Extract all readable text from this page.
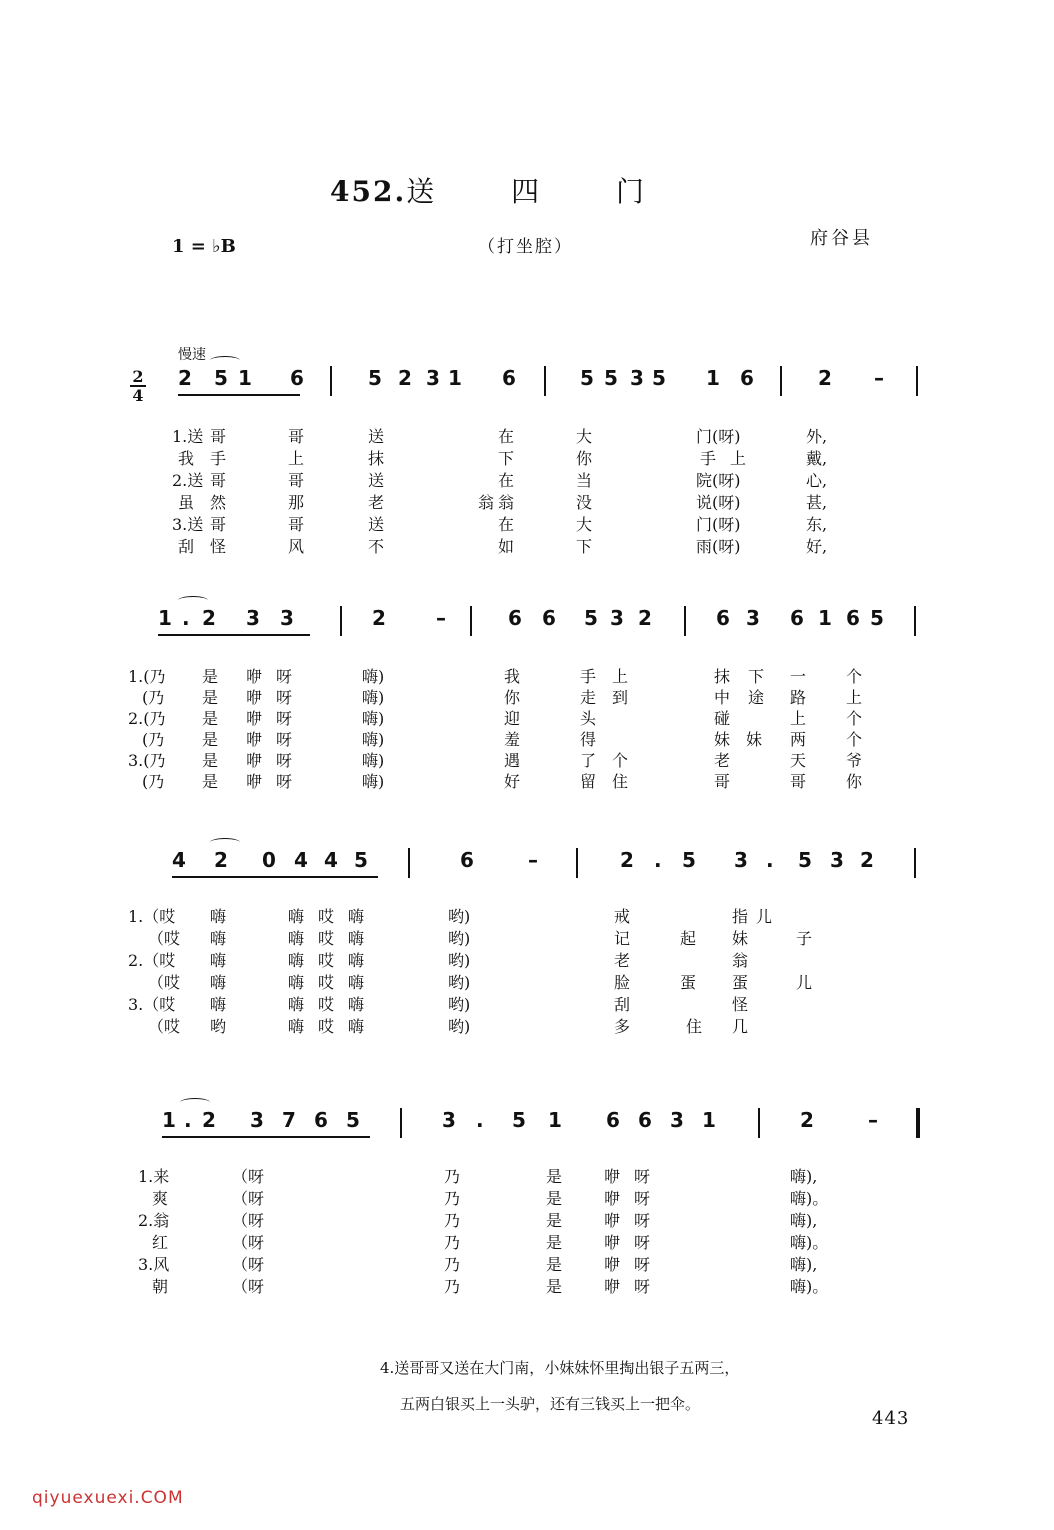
452.送 四 门
1 = ♭B	（打坐腔）	府谷县
慢速
2
4
2 5 1 6	5 2 3 1 6	5 5 3 5 1 6	2 –
1.送 哥	哥	送	在	大	门(呀)	外,
我 手	上	抹	下	你	手 上	戴,
2.送 哥	哥	送	在	当	院(呀)	心,
虽 然	那	老	翁 翁	没	说(呀)	甚,
3.送 哥	哥	送	在	大	门(呀)	东,
刮 怪	风	不	如	下	雨(呀)	好,
1 . 2 3 3	2	–	6 6 5 3 2	6 3 6 1 6 5
1.(乃 是 咿 呀	嗨)	我	手 上	抹 下 一 个
(乃 是 咿 呀	嗨)	你	走 到	中 途 路 上
2.(乃 是 咿 呀	嗨)	迎	头	碰	上 个
(乃 是 咿 呀	嗨)	羞	得	妹 妹 两 个
3.(乃 是 咿 呀	嗨)	遇	了 个	老	天 爷
(乃 是 咿 呀	嗨)	好	留 住	哥	哥 你
4 2 0 4 4 5	6	–	2 . 5 3 . 5 3 2
1.（哎 嗨	嗨 哎 嗨	哟)	戒	指 儿
（哎 嗨	嗨 哎 嗨	哟)	记	起 妹	子
2.（哎 嗨	嗨 哎 嗨	哟)	老	翁
（哎 嗨	嗨 哎 嗨	哟)	脸	蛋 蛋	儿
3.（哎 嗨	嗨 哎 嗨	哟)	刮	怪
（哎 哟	嗨 哎 嗨	哟)	多	住 几
1 . 2 3 7 6 5	3 . 5 1 6 6 3 1	2	–
1.来	（呀	乃	是	咿 呀	嗨),
爽	（呀	乃	是	咿 呀	嗨)。
2.翁	（呀	乃	是	咿 呀	嗨),
红	（呀	乃	是	咿 呀	嗨)。
3.风	（呀	乃	是	咿 呀	嗨),
朝	（呀	乃	是	咿 呀	嗨)。
4.送哥哥又送在大门南，小妹妹怀里掏出银子五两三，
五两白银买上一头驴，还有三钱买上一把伞。
443
qiyuexuexi.COM
